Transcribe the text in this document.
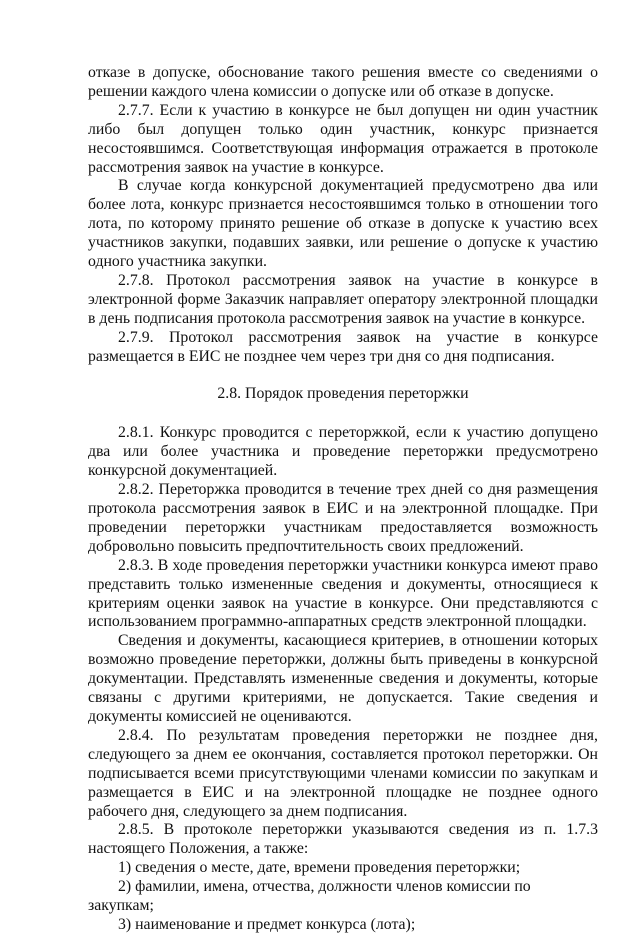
отказе в допуске, обоснование такого решения вместе со сведениями о решении каждого члена комиссии о допуске или об отказе в допуске.

2.7.7. Если к участию в конкурсе не был допущен ни один участник либо был допущен только один участник, конкурс признается несостоявшимся. Соответствующая информация отражается в протоколе рассмотрения заявок на участие в конкурсе.

В случае когда конкурсной документацией предусмотрено два или более лота, конкурс признается несостоявшимся только в отношении того лота, по которому принято решение об отказе в допуске к участию всех участников закупки, подавших заявки, или решение о допуске к участию одного участника закупки.

2.7.8. Протокол рассмотрения заявок на участие в конкурсе в электронной форме Заказчик направляет оператору электронной площадки в день подписания протокола рассмотрения заявок на участие в конкурсе.

2.7.9. Протокол рассмотрения заявок на участие в конкурсе размещается в ЕИС не позднее чем через три дня со дня подписания.

2.8. Порядок проведения переторжки

2.8.1. Конкурс проводится с переторжкой, если к участию допущено два или более участника и проведение переторжки предусмотрено конкурсной документацией.

2.8.2. Переторжка проводится в течение трех дней со дня размещения протокола рассмотрения заявок в ЕИС и на электронной площадке. При проведении переторжки участникам предоставляется возможность добровольно повысить предпочтительность своих предложений.

2.8.3. В ходе проведения переторжки участники конкурса имеют право представить только измененные сведения и документы, относящиеся к критериям оценки заявок на участие в конкурсе. Они представляются с использованием программно-аппаратных средств электронной площадки.

Сведения и документы, касающиеся критериев, в отношении которых возможно проведение переторжки, должны быть приведены в конкурсной документации. Представлять измененные сведения и документы, которые связаны с другими критериями, не допускается. Такие сведения и документы комиссией не оцениваются.

2.8.4. По результатам проведения переторжки не позднее дня, следующего за днем ее окончания, составляется протокол переторжки. Он подписывается всеми присутствующими членами комиссии по закупкам и размещается в ЕИС и на электронной площадке не позднее одного рабочего дня, следующего за днем подписания.

2.8.5. В протоколе переторжки указываются сведения из п. 1.7.3 настоящего Положения, а также:

1) сведения о месте, дате, времени проведения переторжки;

2) фамилии, имена, отчества, должности членов комиссии по закупкам;

3) наименование и предмет конкурса (лота);
